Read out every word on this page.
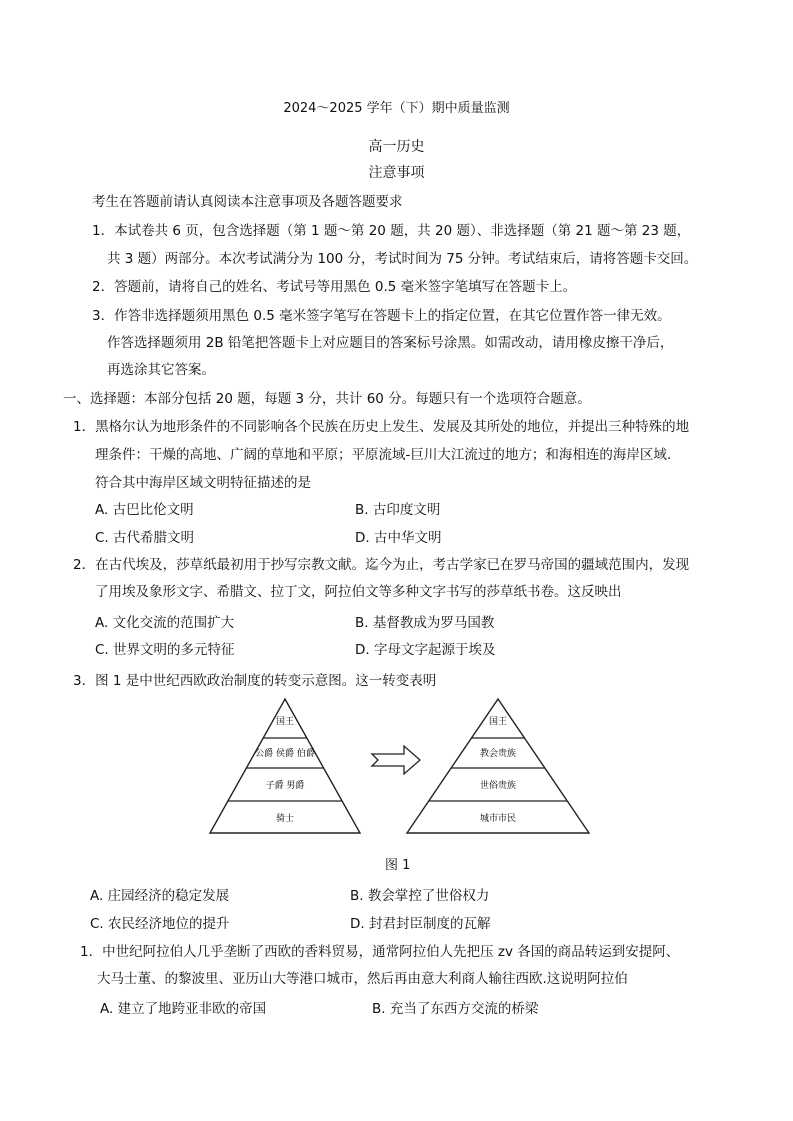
2024～2025 学年（下）期中质量监测
高一历史
注意事项
考生在答题前请认真阅读本注意事项及各题答题要求
1．本试卷共 6 页，包含选择题（第 1 题～第 20 题，共 20 题）、非选择题（第 21 题～第 23 题，
共 3 题）两部分。本次考试满分为 100 分，考试时间为 75 分钟。考试结束后，请将答题卡交回。
2．答题前，请将自己的姓名、考试号等用黑色 0.5 毫米签字笔填写在答题卡上。
3．作答非选择题须用黑色 0.5 毫米签字笔写在答题卡上的指定位置，在其它位置作答一律无效。
作答选择题须用 2B 铅笔把答题卡上对应题目的答案标号涂黑。如需改动，请用橡皮擦干净后，
再选涂其它答案。
一、选择题：本部分包括 20 题，每题 3 分，共计 60 分。每题只有一个选项符合题意。
1．黑格尔认为地形条件的不同影响各个民族在历史上发生、发展及其所处的地位，并提出三种特殊的地
理条件：干燥的高地、广阔的草地和平原；平原流域-巨川大江流过的地方；和海相连的海岸区域.
符合其中海岸区域文明特征描述的是
A. 古巴比伦文明	B. 古印度文明
C. 古代希腊文明	D. 古中华文明
2．在古代埃及，莎草纸最初用于抄写宗教文献。迄今为止，考古学家已在罗马帝国的疆域范围内，发现
了用埃及象形文字、希腊文、拉丁文，阿拉伯文等多种文字书写的莎草纸书卷。这反映出
A. 文化交流的范围扩大	B. 基督教成为罗马国教
C. 世界文明的多元特征	D. 字母文字起源于埃及
3．图 1 是中世纪西欧政治制度的转变示意图。这一转变表明
国王
公爵 侯爵 伯爵
子爵 男爵
骑士
国王
教会贵族
世俗贵族
城市市民
图 1
A. 庄园经济的稳定发展	B. 教会掌控了世俗权力
C. 农民经济地位的提升	D. 封君封臣制度的瓦解
1．中世纪阿拉伯人几乎垄断了西欧的香料贸易，通常阿拉伯人先把压 zv 各国的商品转运到安提阿、
大马士董、的黎波里、亚历山大等港口城市，然后再由意大利商人输往西欧.这说明阿拉伯
A. 建立了地跨亚非欧的帝国	B. 充当了东西方交流的桥梁
